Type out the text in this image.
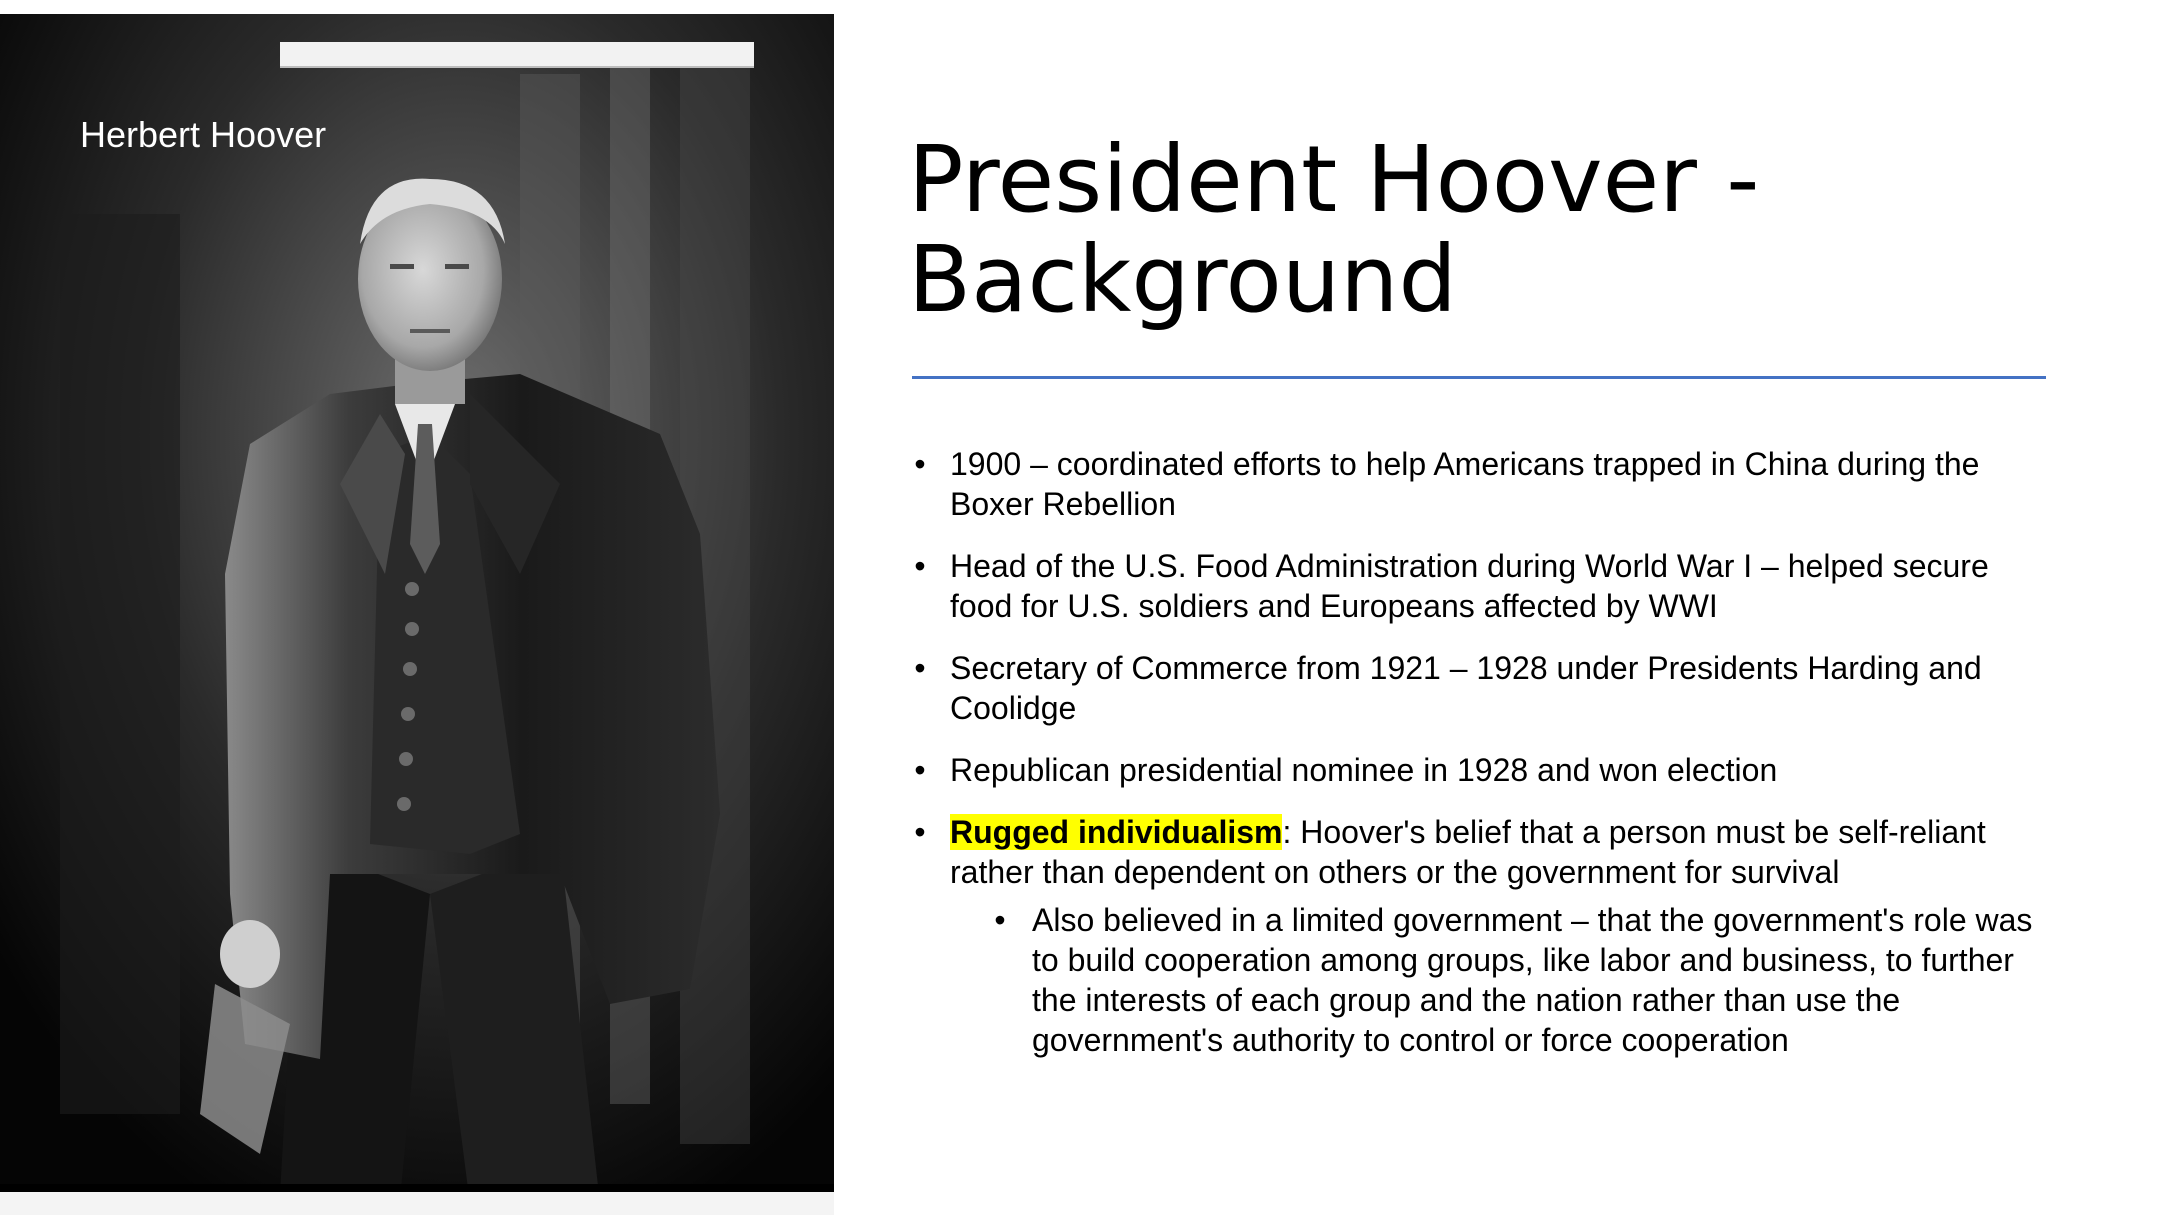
Herbert Hoover	President Hoover - Background
• 1900 – coordinated efforts to help Americans trapped in China during the Boxer Rebellion
• Head of the U.S. Food Administration during World War I – helped secure food for U.S. soldiers and Europeans affected by WWI
• Secretary of Commerce from 1921 – 1928 under Presidents Harding and Coolidge
• Republican presidential nominee in 1928 and won election
• Rugged individualism: Hoover's belief that a person must be self-reliant rather than dependent on others or the government for survival
• Also believed in a limited government – that the government's role was to build cooperation among groups, like labor and business, to further the interests of each group and the nation rather than use the government's authority to control or force cooperation
